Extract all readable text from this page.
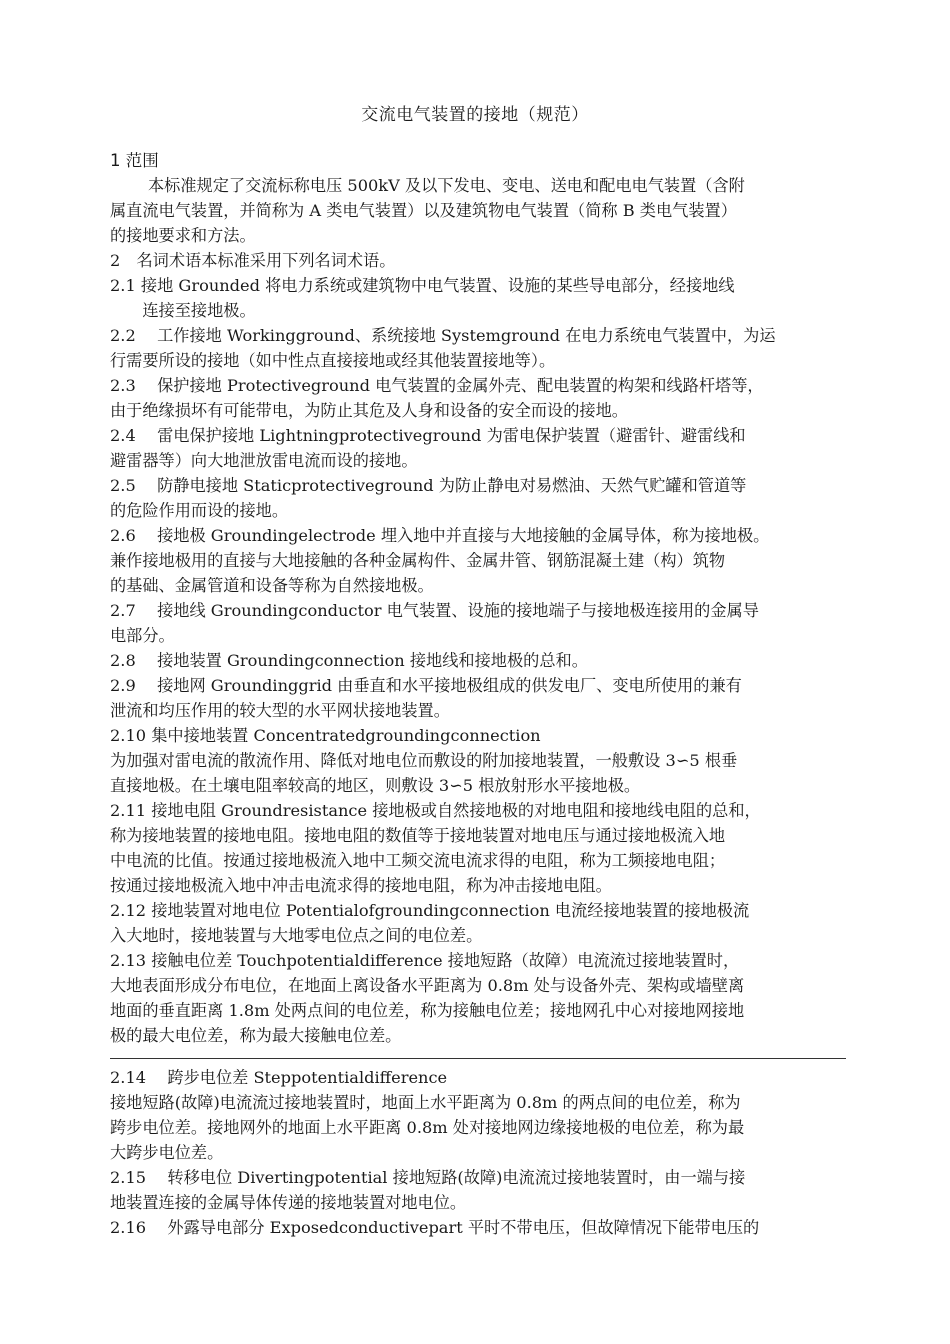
交流电气装置的接地（规范）
1 范围
本标准规定了交流标称电压 500kV 及以下发电、变电、送电和配电电气装置（含附
属直流电气装置，并简称为 A 类电气装置）以及建筑物电气装置（简称 B 类电气装置）
的接地要求和方法。
2　名词术语本标准采用下列名词术语。
2.1 接地 Grounded 将电力系统或建筑物中电气装置、设施的某些导电部分，经接地线
　　连接至接地极。
2.2　 工作接地 Workingground、系统接地 Systemground 在电力系统电气装置中，为运
行需要所设的接地（如中性点直接接地或经其他装置接地等）。
2.3　 保护接地 Protectiveground 电气装置的金属外壳、配电装置的构架和线路杆塔等，
由于绝缘损坏有可能带电，为防止其危及人身和设备的安全而设的接地。
2.4　 雷电保护接地 Lightningprotectiveground 为雷电保护装置（避雷针、避雷线和
避雷器等）向大地泄放雷电流而设的接地。
2.5　 防静电接地 Staticprotectiveground 为防止静电对易燃油、天然气贮罐和管道等
的危险作用而设的接地。
2.6　 接地极 Groundingelectrode 埋入地中并直接与大地接触的金属导体，称为接地极。
兼作接地极用的直接与大地接触的各种金属构件、金属井管、钢筋混凝土建（构）筑物
的基础、金属管道和设备等称为自然接地极。
2.7　 接地线 Groundingconductor 电气装置、设施的接地端子与接地极连接用的金属导
电部分。
2.8　 接地装置 Groundingconnection 接地线和接地极的总和。
2.9　 接地网 Groundinggrid 由垂直和水平接地极组成的供发电厂、变电所使用的兼有
泄流和均压作用的较大型的水平网状接地装置。
2.10 集中接地装置 Concentratedgroundingconnection
为加强对雷电流的散流作用、降低对地电位而敷设的附加接地装置，一般敷设 3∽5 根垂
直接地极。在土壤电阻率较高的地区，则敷设 3∽5 根放射形水平接地极。
2.11 接地电阻 Groundresistance 接地极或自然接地极的对地电阻和接地线电阻的总和，
称为接地装置的接地电阻。接地电阻的数值等于接地装置对地电压与通过接地极流入地
中电流的比值。按通过接地极流入地中工频交流电流求得的电阻，称为工频接地电阻；
按通过接地极流入地中冲击电流求得的接地电阻，称为冲击接地电阻。
2.12 接地装置对地电位 Potentialofgroundingconnection 电流经接地装置的接地极流
入大地时，接地装置与大地零电位点之间的电位差。
2.13 接触电位差 Touchpotentialdifference 接地短路（故障）电流流过接地装置时，
大地表面形成分布电位，在地面上离设备水平距离为 0.8m 处与设备外壳、架构或墙壁离
地面的垂直距离 1.8m 处两点间的电位差，称为接触电位差；接地网孔中心对接地网接地
极的最大电位差，称为最大接触电位差。
2.14　 跨步电位差 Steppotentialdifference
接地短路(故障)电流流过接地装置时，地面上水平距离为 0.8m 的两点间的电位差，称为
跨步电位差。接地网外的地面上水平距离 0.8m 处对接地网边缘接地极的电位差，称为最
大跨步电位差。
2.15　 转移电位 Divertingpotential 接地短路(故障)电流流过接地装置时，由一端与接
地装置连接的金属导体传递的接地装置对地电位。
2.16　 外露导电部分 Exposedconductivepart 平时不带电压，但故障情况下能带电压的
